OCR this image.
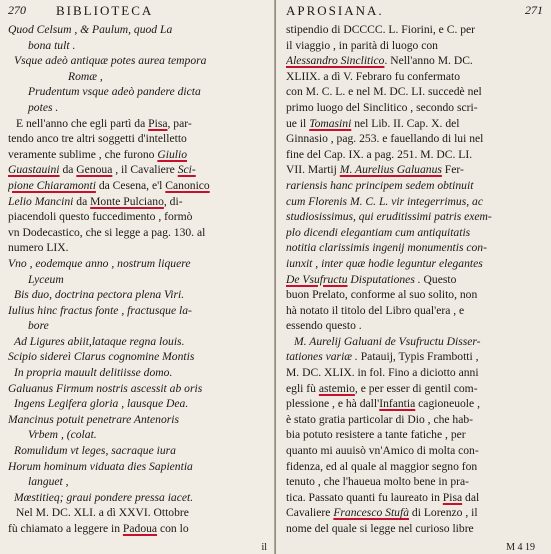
270 BIBLIOTECA
Quod Celsum , & Paulum, quod La
bona tult .
Vsque adeò antiquæ potes aurea tempora
Romæ ,
Prudentum vsque adeò pandere dicta
potes .
E nell'anno che egli partì da Pisa, par-
tendo anco tre altri soggetti d'intelletto
veramente sublime , che furono Giulio
Guastauini da Genoua , il Cavaliere Sci-
pione Chiaramonti da Cesena, e'l Canonico
Lelio Mancini da Monte Pulciano, di-
piacendoli questo fuccedimento , formò
vn Dodecastico, che si legge a pag. 130. al
numero LIX.
Vno , eodemque anno , nostrum liquere
Lyceum
Bis duo, doctrina pectora plena Viri.
Iulius hinc fractus fonte , fractusque la-
bore
Ad Ligures abiit,lataque regna louis.
Scipio sidereì Clarus cognomine Montis
In propria mauult delitiisse domo.
Galuanus Firmum nostris ascessit ab oris
Ingens Legifera gloria , lausque Dea.
Mancinus potuit penetrare Antenoris
Vrbem , (colat.
Romulidum vt leges, sacraque iura
Horum hominum viduata dies Sapientia
languet ,
Mœstitieq; graui pondere pressa iacet.
Nel M. DC. XLI. a dì XXVI. Ottobre
fù chiamato a leggere in Padoua con lo
il
APROSIANA.	271
stipendio di DCCCC. L. Fiorini, e C. per
il viaggio , in parità di luogo con
Alessandro Sinclitico. Nell'anno M. DC.
XLIIX. a dì V. Febraro fu confermato
con M. C. L. e nel M. DC. LI. succedè nel
primo luogo del Sinclitico , secondo scri-
ue il Tomasini nel Lib. II. Cap. X. del
Ginnasio , pag. 253. e fauellando di lui nel
fine del Cap. IX. a pag. 251. M. DC. LI.
VII. Martij M. Aurelius Galuanus Fer-
rariensis hanc principem sedem obtinuit
cum Florenis M. C. L. vir integerrimus, ac
studiosissimus, qui eruditissimi patris exem-
plo dicendi elegantiam cum antiquitatis
notitia clarissimis ingenij monumentis con-
iunxit , inter quæ hodie leguntur elegantes
De Vsufructu Disputationes . Questo
buon Prelato, conforme al suo solito, non
hà notato il titolo del Libro qual'era , e
essendo questo .
M. Aurelij Galuani de Vsufructu Disser-
tationes variæ . Patauij, Typis Frambotti ,
M. DC. XLIX. in fol. Fino a diciotto anni
egli fù astemio, e per esser di gentil com-
plessione , e hà dall'Infantia cagioneuole ,
è stato gratia particolar di Dio , che hab-
bia potuto resistere a tante fatiche , per
quanto mi auuisò vn'Amico di molta con-
fidenza, ed al quale al maggior segno fon
tenuto , che l'haueua molto bene in pra-
tica. Passato quanti fu laureato in Pisa dal
Cavaliere Francesco Stufà di Lorenzo , il
nome del quale si legge nel curioso libre
M 4 19
